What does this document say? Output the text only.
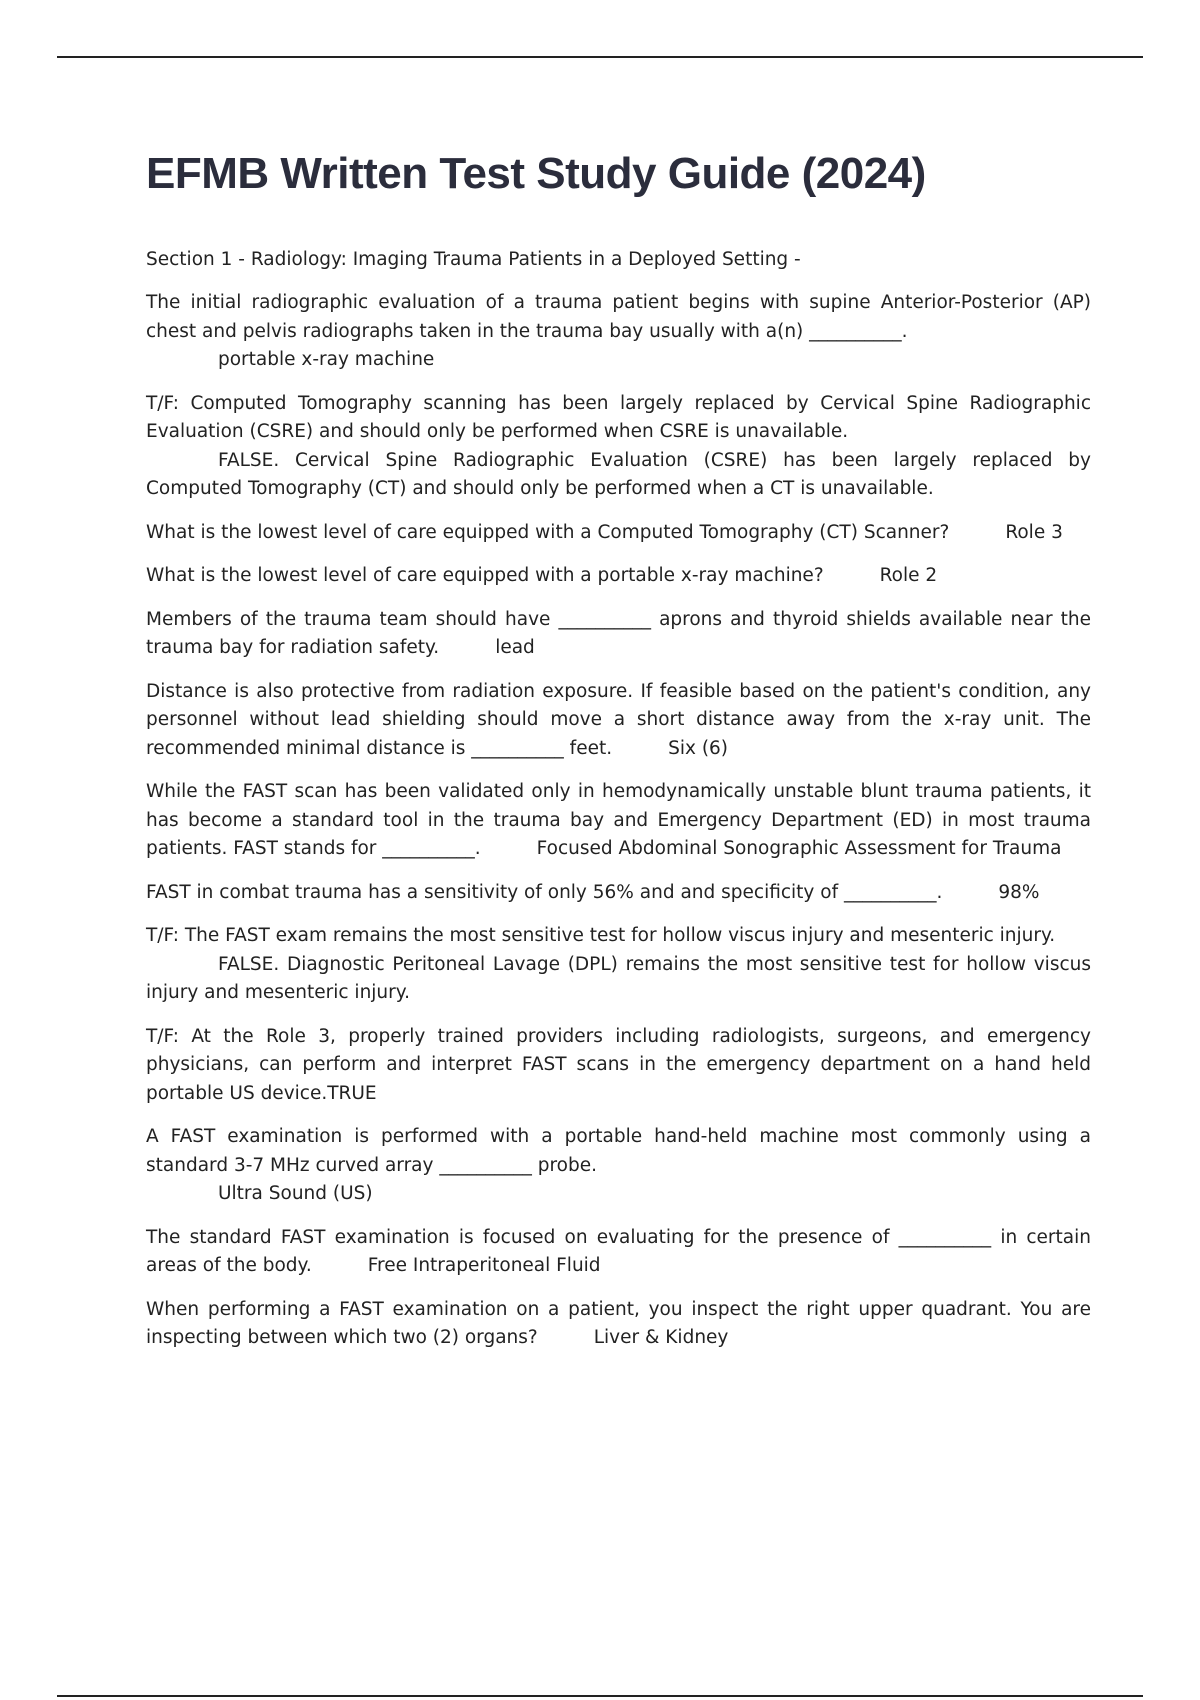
EFMB Written Test Study Guide (2024)
Section 1 - Radiology: Imaging Trauma Patients in a Deployed Setting -
The initial radiographic evaluation of a trauma patient begins with supine Anterior-Posterior (AP) chest and pelvis radiographs taken in the trauma bay usually with a(n) __________.
portable x-ray machine
T/F: Computed Tomography scanning has been largely replaced by Cervical Spine Radiographic Evaluation (CSRE) and should only be performed when CSRE is unavailable.
FALSE. Cervical Spine Radiographic Evaluation (CSRE) has been largely replaced by Computed Tomography (CT) and should only be performed when a CT is unavailable.
What is the lowest level of care equipped with a Computed Tomography (CT) Scanner?	Role 3
What is the lowest level of care equipped with a portable x-ray machine?	Role 2
Members of the trauma team should have __________ aprons and thyroid shields available near the trauma bay for radiation safety.	lead
Distance is also protective from radiation exposure. If feasible based on the patient's condition, any personnel without lead shielding should move a short distance away from the x-ray unit. The recommended minimal distance is __________ feet.	Six (6)
While the FAST scan has been validated only in hemodynamically unstable blunt trauma patients, it has become a standard tool in the trauma bay and Emergency Department (ED) in most trauma patients. FAST stands for __________.	Focused Abdominal Sonographic Assessment for Trauma
FAST in combat trauma has a sensitivity of only 56% and and specificity of __________.	98%
T/F: The FAST exam remains the most sensitive test for hollow viscus injury and mesenteric injury.
FALSE. Diagnostic Peritoneal Lavage (DPL) remains the most sensitive test for hollow viscus injury and mesenteric injury.
T/F: At the Role 3, properly trained providers including radiologists, surgeons, and emergency physicians, can perform and interpret FAST scans in the emergency department on a hand held portable US device.TRUE
A FAST examination is performed with a portable hand-held machine most commonly using a standard 3-7 MHz curved array __________ probe.
Ultra Sound (US)
The standard FAST examination is focused on evaluating for the presence of __________ in certain areas of the body.	Free Intraperitoneal Fluid
When performing a FAST examination on a patient, you inspect the right upper quadrant. You are inspecting between which two (2) organs?	Liver & Kidney
